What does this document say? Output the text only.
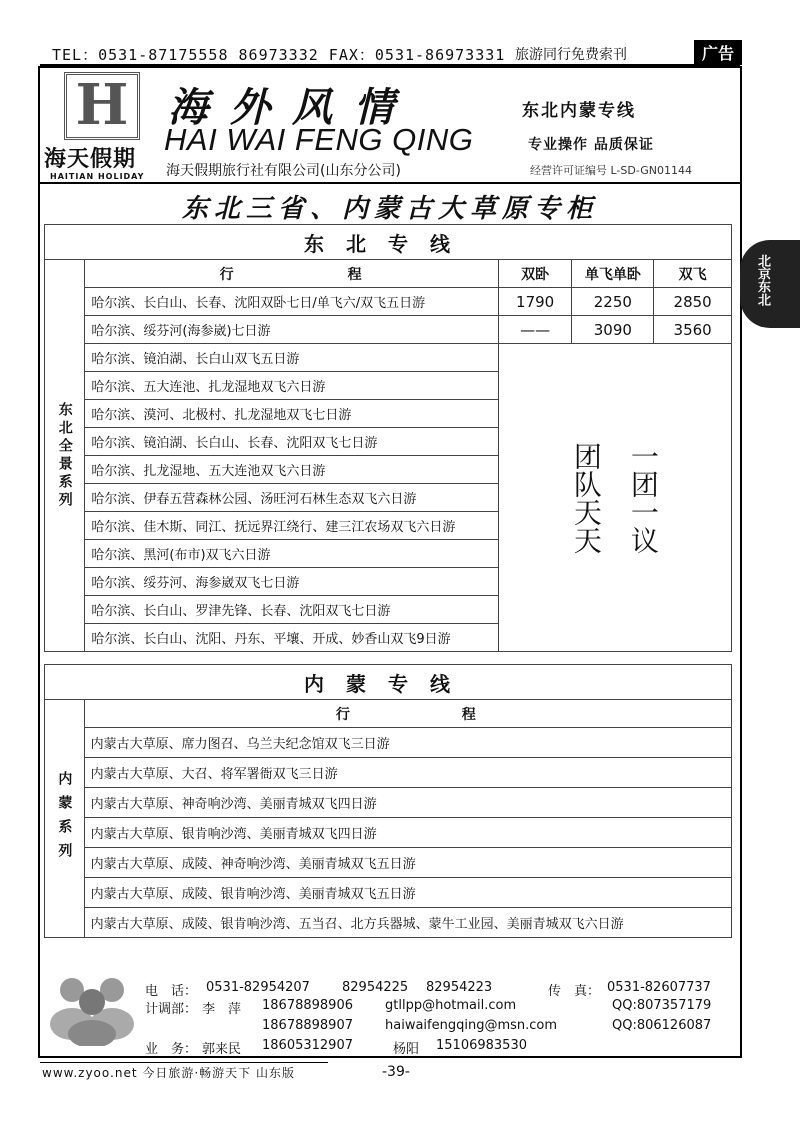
TEL：0531-87175558 86973332 FAX：0531-86973331 旅游同行免费索刊	广告
H
海天假期
HAITIAN HOLIDAY
海外风情
HAI WAI FENG QING
海天假期旅行社有限公司(山东分公司)
东北内蒙专线
专业操作 品质保证
经营许可证编号 L-SD-GN01144
东北三省、内蒙古大草原专柜
北京东北
东北专线				
东北全景系列	行　　　　　　　程	双卧	单飞单卧	双飞
	哈尔滨、长白山、长春、沈阳双卧七日/单飞六/双飞五日游	1790	2250	2850
	哈尔滨、绥芬河(海参崴)七日游	——	3090	3560
	哈尔滨、镜泊湖、长白山双飞五日游	团队天天 一团一议		

	哈尔滨、五大连池、扎龙湿地双飞六日游			
	哈尔滨、漠河、北极村、扎龙湿地双飞七日游			
	哈尔滨、镜泊湖、长白山、长春、沈阳双飞七日游			
	哈尔滨、扎龙湿地、五大连池双飞六日游			
	哈尔滨、伊春五营森林公园、汤旺河石林生态双飞六日游			
	哈尔滨、佳木斯、同江、抚远界江绕行、建三江农场双飞六日游			
	哈尔滨、黑河(布市)双飞六日游			
	哈尔滨、绥芬河、海参崴双飞七日游			
	哈尔滨、长白山、罗津先锋、长春、沈阳双飞七日游			
	哈尔滨、长白山、沈阳、丹东、平壤、开成、妙香山双飞9日游			
内蒙专线
内蒙系列	行　　　　　　程
内蒙古大草原、席力图召、乌兰夫纪念馆双飞三日游
内蒙古大草原、大召、将军署衙双飞三日游
内蒙古大草原、神奇响沙湾、美丽青城双飞四日游
内蒙古大草原、银肯响沙湾、美丽青城双飞四日游
内蒙古大草原、成陵、神奇响沙湾、美丽青城双飞五日游
内蒙古大草原、成陵、银肯响沙湾、美丽青城双飞五日游
内蒙古大草原、成陵、银肯响沙湾、五当召、北方兵器城、蒙牛工业园、美丽青城双飞六日游
电　话： 0531-82954207 82954225 82954223	传　真： 0531-82607737
计调部： 李　萍 18678898906 gtllpp@hotmail.com	QQ:807357179
18678898907 haiwaifengqing@msn.com	QQ:806126087
业　务： 郭来民 18605312907	杨阳 15106983530
www.zyoo.net 今日旅游·畅游天下 山东版	-39-
